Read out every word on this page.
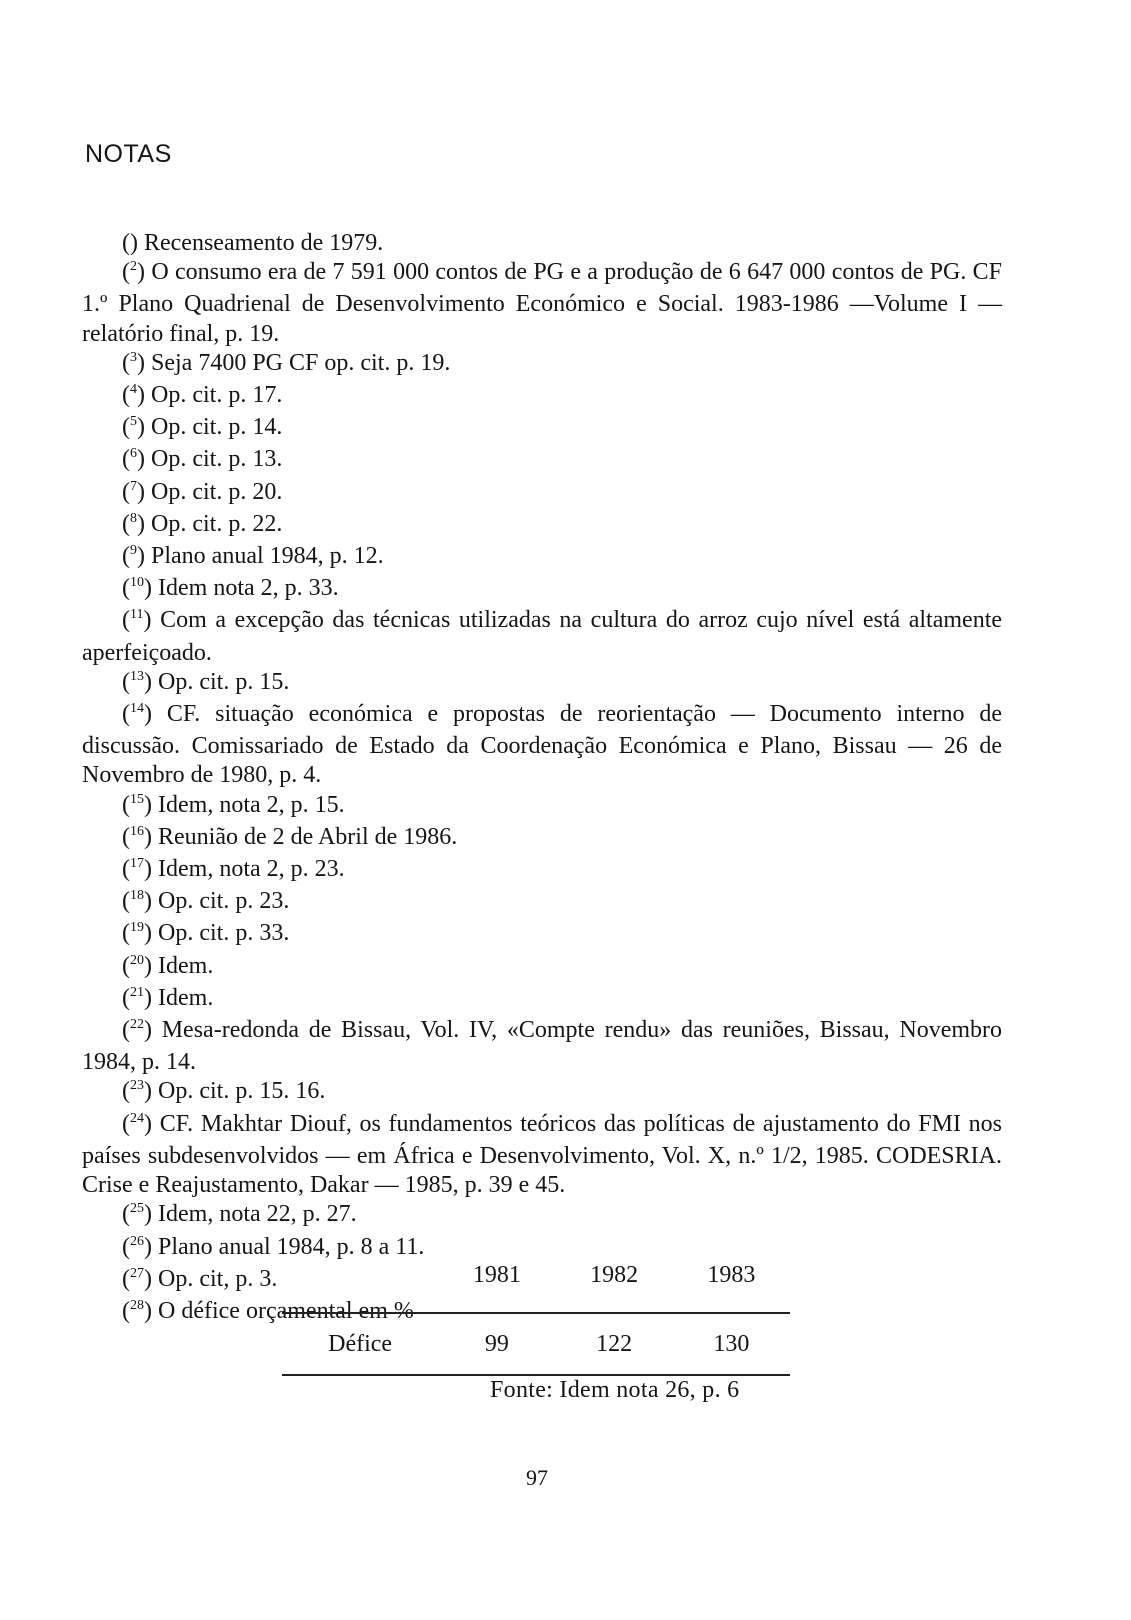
NOTAS

() Recenseamento de 1979.

($^2$) O consumo era de 7 591 000 contos de PG e a produção de 6 647 000 contos de PG. CF 1.º Plano Quadrienal de Desenvolvimento Económico e Social. 1983-1986 —Volume I —relatório final, p. 19.

($^3$) Seja 7400 PG CF op. cit. p. 19.

($^4$) Op. cit. p. 17.

($^5$) Op. cit. p. 14.

($^6$) Op. cit. p. 13.

($^7$) Op. cit. p. 20.

($^8$) Op. cit. p. 22.

($^9$) Plano anual 1984, p. 12.

($^{10}$) Idem nota 2, p. 33.

($^{11}$) Com a excepção das técnicas utilizadas na cultura do arroz cujo nível está altamente aperfeiçoado.

($^{13}$) Op. cit. p. 15.

($^{14}$) CF. situação económica e propostas de reorientação — Documento interno de discussão. Comissariado de Estado da Coordenação Económica e Plano, Bissau — 26 de Novembro de 1980, p. 4.

($^{15}$) Idem, nota 2, p. 15.

($^{16}$) Reunião de 2 de Abril de 1986.

($^{17}$) Idem, nota 2, p. 23.

($^{18}$) Op. cit. p. 23.

($^{19}$) Op. cit. p. 33.

($^{20}$) Idem.

($^{21}$) Idem.

($^{22}$) Mesa-redonda de Bissau, Vol. IV, «Compte rendu» das reuniões, Bissau, Novembro 1984, p. 14.

($^{23}$) Op. cit. p. 15. 16.

($^{24}$) CF. Makhtar Diouf, os fundamentos teóricos das políticas de ajustamento do FMI nos países subdesenvolvidos — em África e Desenvolvimento, Vol. X, n.º 1/2, 1985. CODESRIA. Crise e Reajustamento, Dakar — 1985, p. 39 e 45.

($^{25}$) Idem, nota 22, p. 27.

($^{26}$) Plano anual 1984, p. 8 a 11.

($^{27}$) Op. cit, p. 3.

($^{28}$) O défice orçamental em %

	1981	1982	1983
Défice	99	122	130
Fonte: Idem nota 26, p. 6
97
